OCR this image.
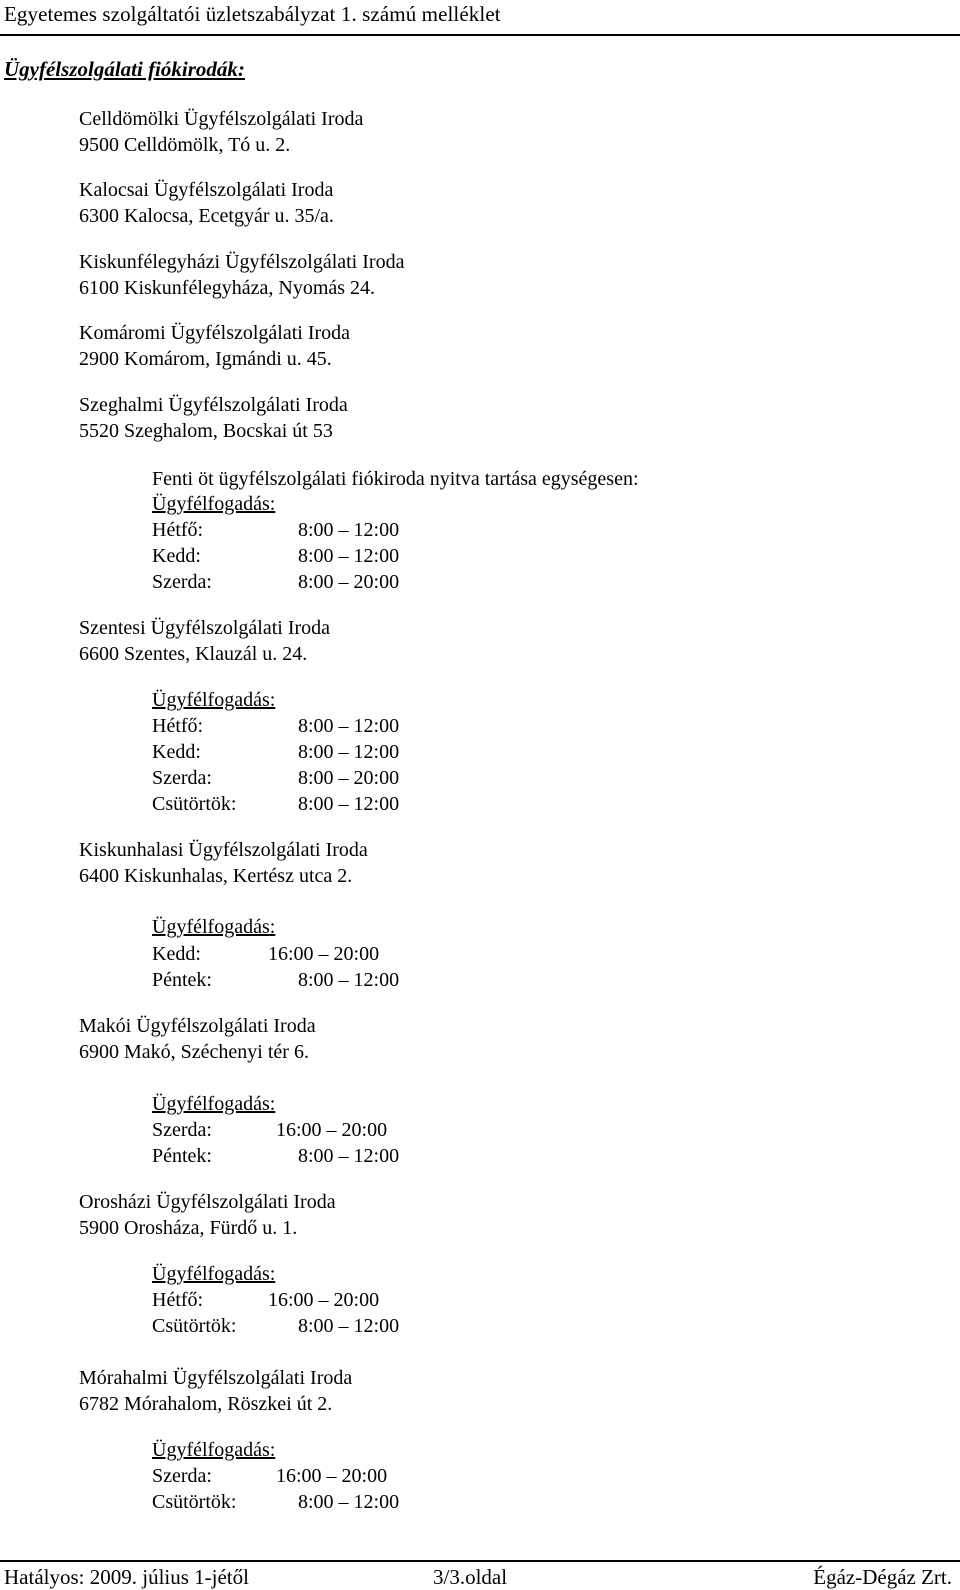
Egyetemes szolgáltatói üzletszabályzat 1. számú melléklet
Ügyfélszolgálati fiókirodák:
Celldömölki Ügyfélszolgálati Iroda
9500 Celldömölk, Tó u. 2.
Kalocsai Ügyfélszolgálati Iroda
6300 Kalocsa, Ecetgyár u. 35/a.
Kiskunfélegyházi Ügyfélszolgálati Iroda
6100 Kiskunfélegyháza, Nyomás 24.
Komáromi Ügyfélszolgálati Iroda
2900 Komárom, Igmándi u. 45.
Szeghalmi Ügyfélszolgálati Iroda
5520 Szeghalom, Bocskai út 53
Fenti öt ügyfélszolgálati fiókiroda nyitva tartása egységesen:
Ügyfélfogadás:
Hétfő:	8:00 – 12:00
Kedd:	8:00 – 12:00
Szerda:	8:00 – 20:00
Szentesi Ügyfélszolgálati Iroda
6600 Szentes, Klauzál u. 24.
Ügyfélfogadás:
Hétfő:	8:00 – 12:00
Kedd:	8:00 – 12:00
Szerda:	8:00 – 20:00
Csütörtök:	8:00 – 12:00
Kiskunhalasi Ügyfélszolgálati Iroda
6400 Kiskunhalas, Kertész utca 2.
Ügyfélfogadás:
Kedd:	16:00 – 20:00
Péntek:	8:00 – 12:00
Makói Ügyfélszolgálati Iroda
6900 Makó, Széchenyi tér 6.
Ügyfélfogadás:
Szerda:	16:00 – 20:00
Péntek:	8:00 – 12:00
Orosházi Ügyfélszolgálati Iroda
5900 Orosháza, Fürdő u. 1.
Ügyfélfogadás:
Hétfő:	16:00 – 20:00
Csütörtök:	8:00 – 12:00
Mórahalmi Ügyfélszolgálati Iroda
6782 Mórahalom, Röszkei út 2.
Ügyfélfogadás:
Szerda:	16:00 – 20:00
Csütörtök:	8:00 – 12:00
Hatályos: 2009. július 1-jétől	3/3.oldal	Égáz-Dégáz Zrt.
